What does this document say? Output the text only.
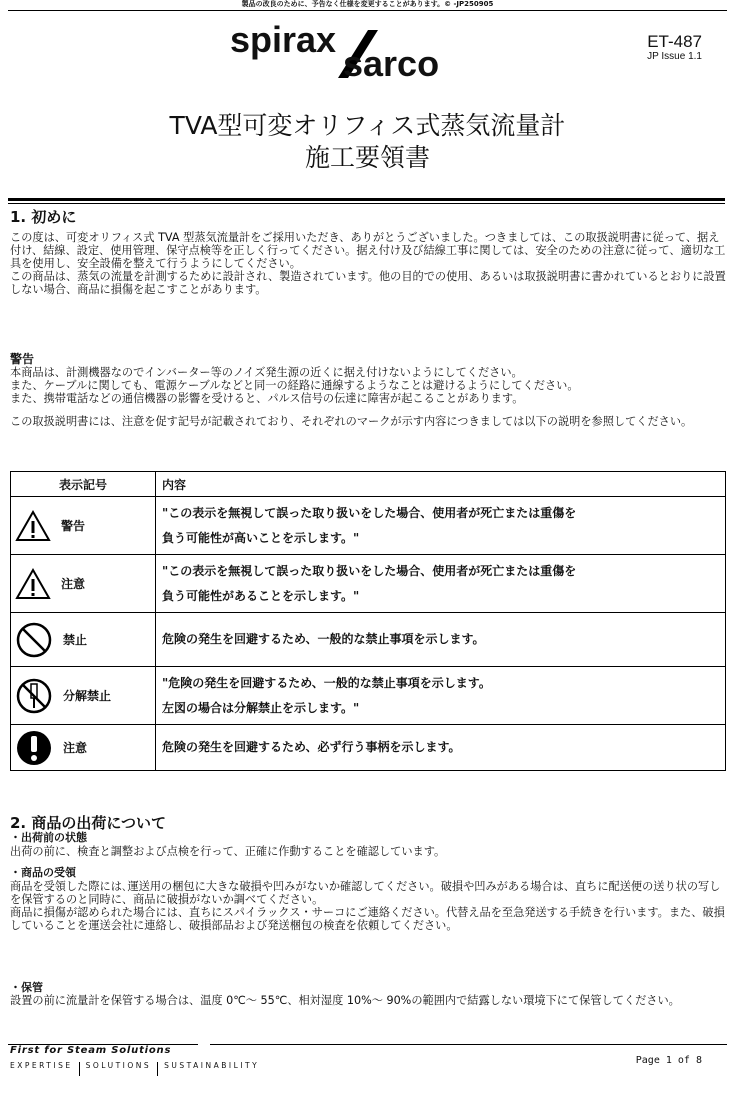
製品の改良のために、予告なく仕様を変更することがあります。© -JP250905
spirax
sarco
ET-487
JP Issue 1.1
TVA型可変オリフィス式蒸気流量計
施工要領書
1. 初めに

この度は、可変オリフィス式 TVA 型蒸気流量計をご採用いただき、ありがとうございました。つきましては、この取扱説明書に従って、据え付け、結線、設定、使用管理、保守点検等を正しく行ってください。据え付け及び結線工事に関しては、安全のための注意に従って、適切な工具を使用し、安全設備を整えて行うようにしてください。

この商品は、蒸気の流量を計測するために設計され、製造されています。他の目的での使用、あるいは取扱説明書に書かれているとおりに設置しない場合、商品に損傷を起こすことがあります。

警告

本商品は、計測機器なのでインバーター等のノイズ発生源の近くに据え付けないようにしてください。

また、ケーブルに関しても、電源ケーブルなどと同一の経路に通線するようなことは避けるようにしてください。

また、携帯電話などの通信機器の影響を受けると、パルス信号の伝達に障害が起こることがあります。

この取扱説明書には、注意を促す記号が記載されており、それぞれのマークが示す内容につきましては以下の説明を参照してください。
表示記号	内容

警告	"この表示を無視して誤った取り扱いをした場合、使用者が死亡または重傷を
負う可能性が高いことを示します。"

注意	"この表示を無視して誤った取り扱いをした場合、使用者が死亡または重傷を
負う可能性があることを示します。"

禁止	危険の発生を回避するため、一般的な禁止事項を示します。

分解禁止	"危険の発生を回避するため、一般的な禁止事項を示します。
左図の場合は分解禁止を示します。"

注意	危険の発生を回避するため、必ず行う事柄を示します。
2. 商品の出荷について
・出荷前の状態
出荷の前に、検査と調整および点検を行って、正確に作動することを確認しています。
・商品の受領

商品を受領した際には､運送用の梱包に大きな破損や凹みがないか確認してください。破損や凹みがある場合は、直ちに配送便の送り状の写しを保管するのと同時に、商品に破損がないか調べてください。

商品に損傷が認められた場合には、直ちにスパイラックス・サーコにご連絡ください。代替え品を至急発送する手続きを行います。また、破損していることを運送会社に連絡し、破損部品および発送梱包の検査を依頼してください。

・保管
設置の前に流量計を保管する場合は、温度 0℃～ 55℃、相対湿度 10%～ 90%の範囲内で結露しない環境下にて保管してください。
First for Steam Solutions
EXPERTISE SOLUTIONS SUSTAINABILITY	Page 1 of 8
